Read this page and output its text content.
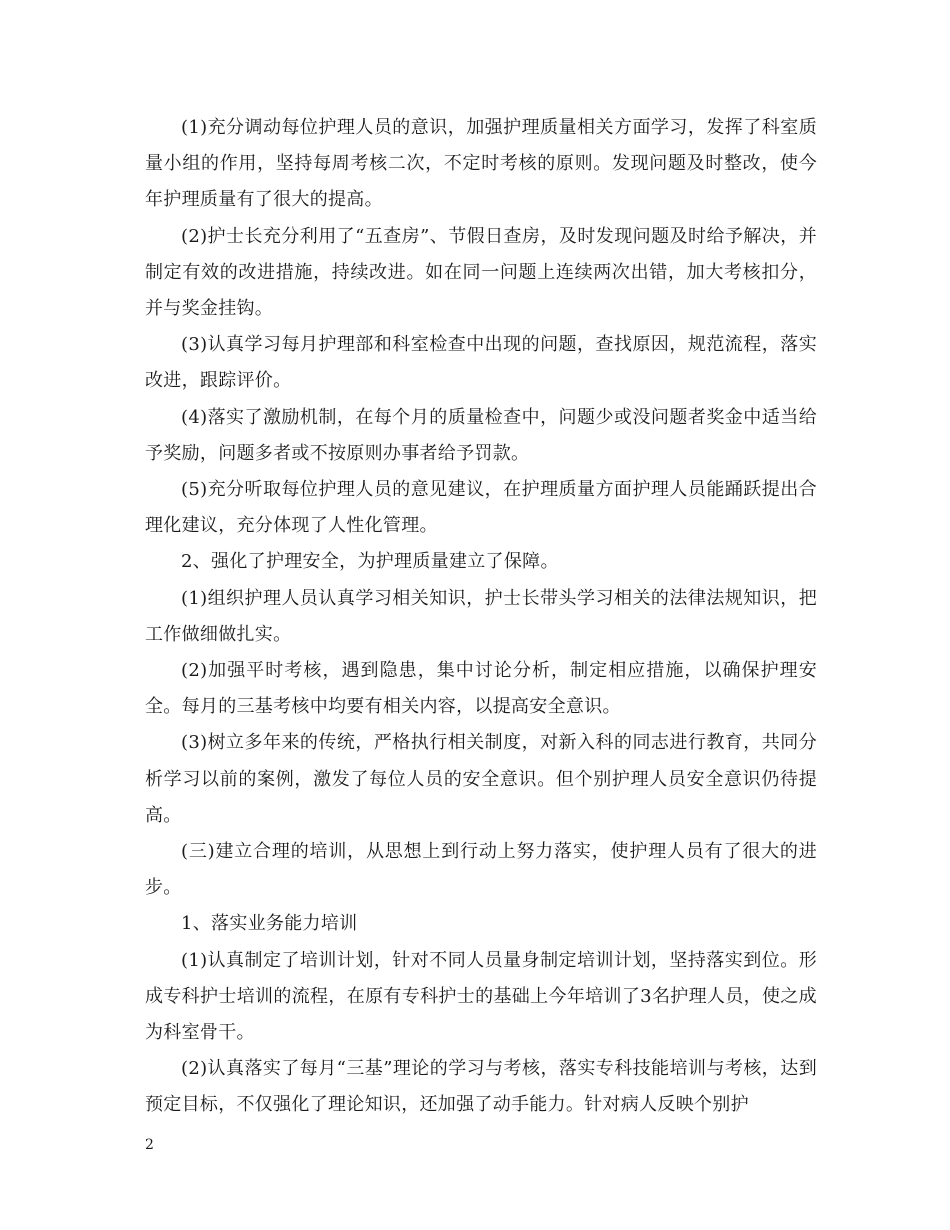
(1)充分调动每位护理人员的意识，加强护理质量相关方面学习，发挥了科室质量小组的作用，坚持每周考核二次，不定时考核的原则。发现问题及时整改，使今年护理质量有了很大的提高。

(2)护士长充分利用了“五查房”、节假日查房，及时发现问题及时给予解决，并制定有效的改进措施，持续改进。如在同一问题上连续两次出错，加大考核扣分，并与奖金挂钩。

(3)认真学习每月护理部和科室检查中出现的问题，查找原因，规范流程，落实改进，跟踪评价。

(4)落实了激励机制，在每个月的质量检查中，问题少或没问题者奖金中适当给予奖励，问题多者或不按原则办事者给予罚款。

(5)充分听取每位护理人员的意见建议，在护理质量方面护理人员能踊跃提出合理化建议，充分体现了人性化管理。

2、强化了护理安全，为护理质量建立了保障。

(1)组织护理人员认真学习相关知识，护士长带头学习相关的法律法规知识，把工作做细做扎实。

(2)加强平时考核，遇到隐患，集中讨论分析，制定相应措施，以确保护理安全。每月的三基考核中均要有相关内容，以提高安全意识。

(3)树立多年来的传统，严格执行相关制度，对新入科的同志进行教育，共同分析学习以前的案例，激发了每位人员的安全意识。但个别护理人员安全意识仍待提高。

(三)建立合理的培训，从思想上到行动上努力落实，使护理人员有了很大的进步。

1、落实业务能力培训

(1)认真制定了培训计划，针对不同人员量身制定培训计划，坚持落实到位。形成专科护士培训的流程，在原有专科护士的基础上今年培训了3名护理人员，使之成为科室骨干。

(2)认真落实了每月“三基”理论的学习与考核，落实专科技能培训与考核，达到预定目标，不仅强化了理论知识，还加强了动手能力。针对病人反映个别护

2
